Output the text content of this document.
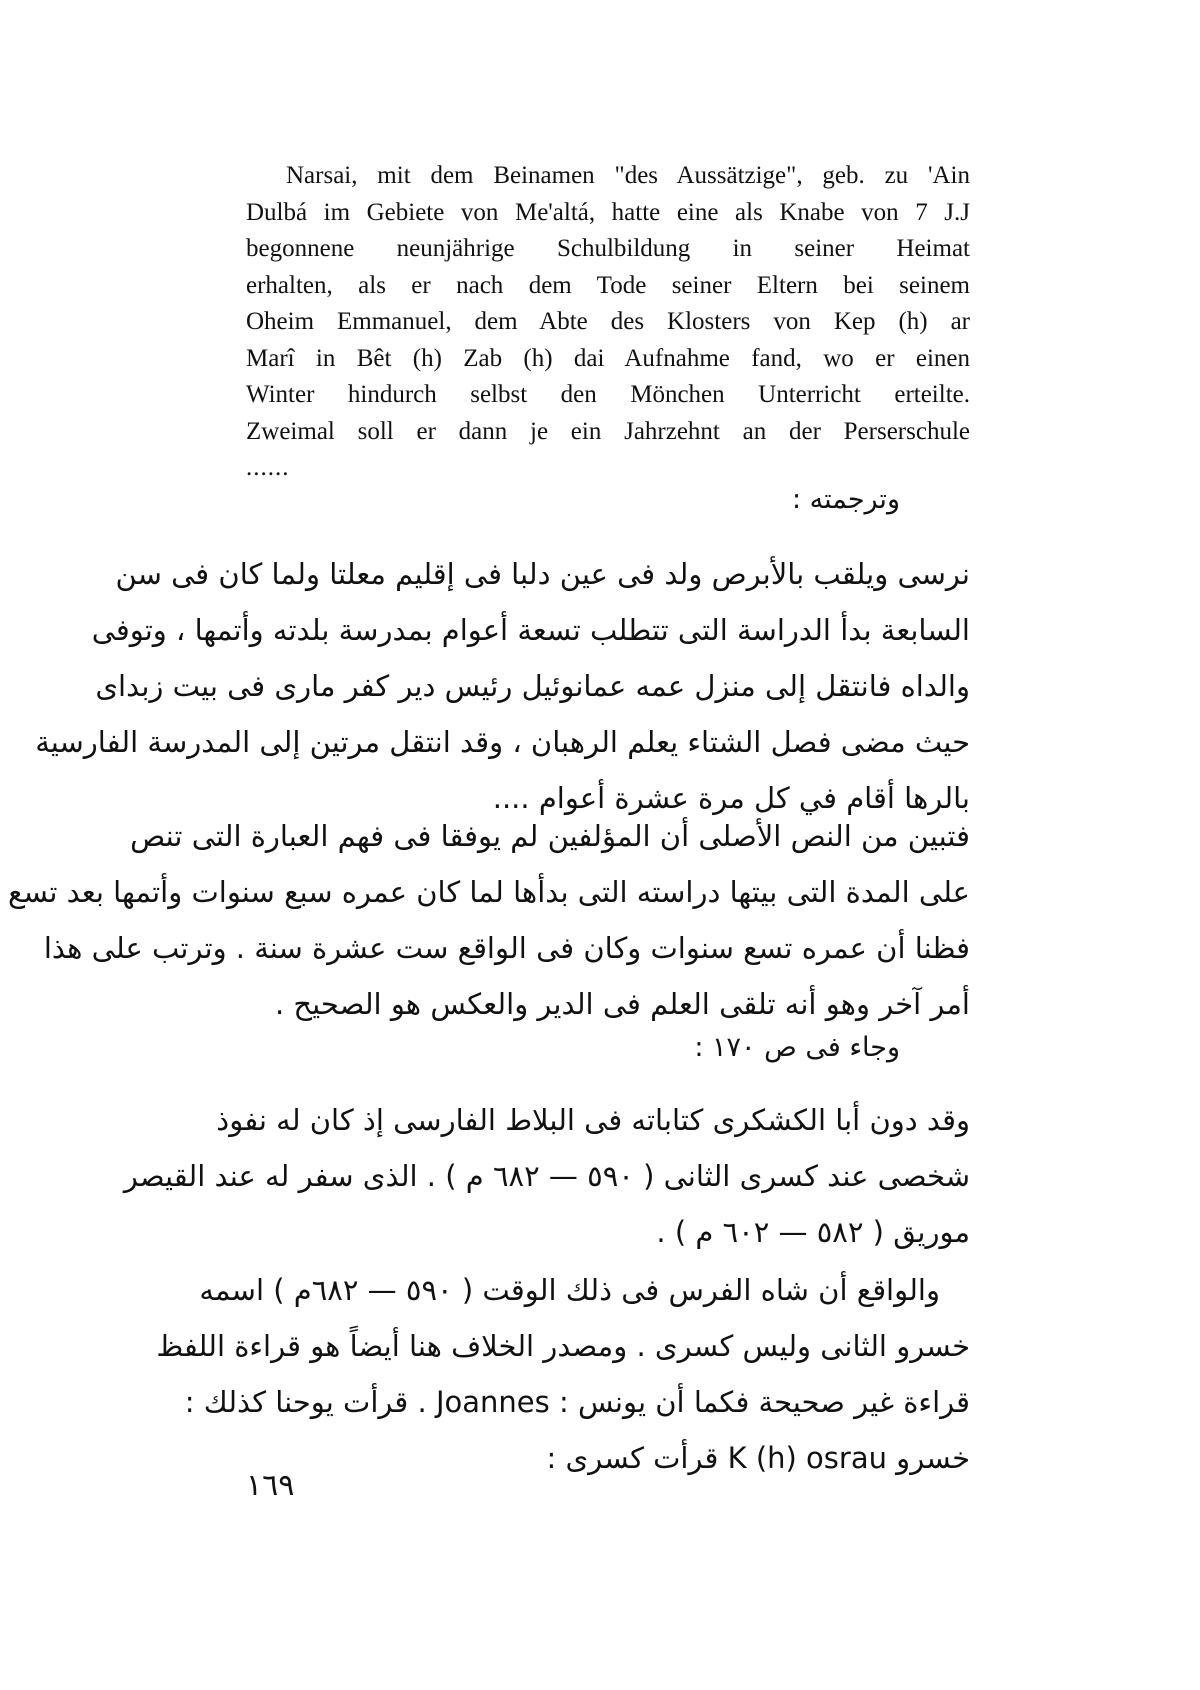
Narsai, mit dem Beinamen "des Aussätzige", geb. zu 'Ain
Dulbá im Gebiete von Me'altá, hatte eine als Knabe von 7 J.J
begonnene neunjährige Schulbildung in seiner Heimat
erhalten, als er nach dem Tode seiner Eltern bei seinem
Oheim Emmanuel, dem Abte des Klosters von Kep (h) ar
Marî in Bêt (h) Zab (h) dai Aufnahme fand, wo er einen
Winter hindurch selbst den Mönchen Unterricht erteilte.
Zweimal soll er dann je ein Jahrzehnt an der Perserschule
......
وترجمته :
نرسى ويلقب بالأبرص ولد فى عين دلبا فى إقليم معلتا ولما كان فى سن
السابعة بدأ الدراسة التى تتطلب تسعة أعوام بمدرسة بلدته وأتمها ، وتوفى
والداه فانتقل إلى منزل عمه عمانوئيل رئيس دير كفر مارى فى بيت زبداى
حيث مضى فصل الشتاء يعلم الرهبان ، وقد انتقل مرتين إلى المدرسة الفارسية
بالرها أقام في كل مرة عشرة أعوام ....
فتبين من النص الأصلى أن المؤلفين لم يوفقا فى فهم العبارة التى تنص
على المدة التى بيتها دراسته التى بدأها لما كان عمره سبع سنوات وأتمها بعد تسع
فظنا أن عمره تسع سنوات وكان فى الواقع ست عشرة سنة . وترتب على هذا
أمر آخر وهو أنه تلقى العلم فى الدير والعكس هو الصحيح .
وجاء فى ص ١٧٠ :
وقد دون أبا الكشكرى كتاباته فى البلاط الفارسى إذ كان له نفوذ
شخصى عند كسرى الثانى ( ٥٩٠ — ٦٨٢ م ) . الذى سفر له عند القيصر
موريق ( ٥٨٢ — ٦٠٢ م ) .
والواقع أن شاه الفرس فى ذلك الوقت ( ٥٩٠ — ٦٨٢م ) اسمه
خسرو الثانى وليس كسرى . ومصدر الخلاف هنا أيضاً هو قراءة اللفظ
قراءة غير صحيحة فكما أن يونس : Joannes . قرأت يوحنا كذلك :
خسرو K (h) osrau قرأت كسرى :
١٦٩
